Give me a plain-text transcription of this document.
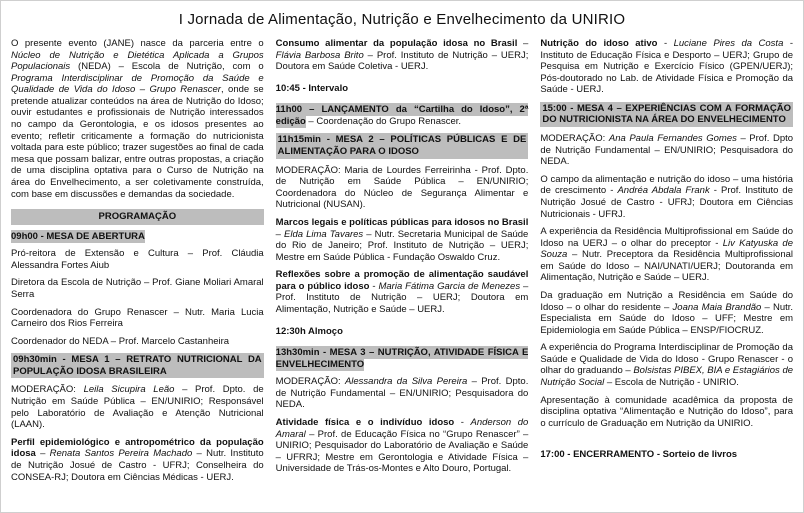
I Jornada de Alimentação, Nutrição e Envelhecimento da UNIRIO
O presente evento (JANE) nasce da parceria entre o Núcleo de Nutrição e Dietética Aplicada a Grupos Populacionais (NEDA) – Escola de Nutrição, com o Programa Interdisciplinar de Promoção da Saúde e Qualidade de Vida do Idoso – Grupo Renascer, onde se pretende atualizar conteúdos na área de Nutrição do Idoso; ouvir estudantes e profissionais de Nutrição interessados no campo da Gerontologia, e os idosos presentes ao evento; refletir criticamente a formação do nutricionista voltada para este público; trazer sugestões ao final de cada mesa que possam balizar, entre outras propostas, a criação de uma disciplina optativa para o Curso de Nutrição na área do Envelhecimento, a ser coletivamente construída, com base em discussões e demandas da sociedade.
PROGRAMAÇÃO
09h00 - MESA DE ABERTURA
Pró-reitora de Extensão e Cultura – Prof. Cláudia Alessandra Fortes Aiub
Diretora da Escola de Nutrição – Prof. Giane Moliari Amaral Serra
Coordenadora do Grupo Renascer – Nutr. Maria Lucia Carneiro dos Rios Ferreira
Coordenador do NEDA – Prof. Marcelo Castanheira
09h30min - MESA 1 – RETRATO NUTRICIONAL DA POPULAÇÃO IDOSA BRASILEIRA
MODERAÇÃO: Leila Sicupira Leão – Prof. Dpto. de Nutrição em Saúde Pública – EN/UNIRIO; Responsável pelo Laboratório de Avaliação e Atenção Nutricional (LAAN).
Perfil epidemiológico e antropométrico da população idosa – Renata Santos Pereira Machado – Nutr. Instituto de Nutrição Josué de Castro - UFRJ; Conselheira do CONSEA-RJ; Doutora em Ciências Médicas - UERJ.
Consumo alimentar da população idosa no Brasil – Flávia Barbosa Brito – Prof. Instituto de Nutrição – UERJ; Doutora em Saúde Coletiva - UERJ.
10:45 - Intervalo
11h00 – LANÇAMENTO da “Cartilha do Idoso”, 2ª edição – Coordenação do Grupo Renascer.
11h15min - MESA 2 – POLÍTICAS PÚBLICAS E DE ALIMENTAÇÃO PARA O IDOSO
MODERAÇÃO: Maria de Lourdes Ferreirinha - Prof. Dpto. de Nutrição em Saúde Pública – EN/UNIRIO; Coordenadora do Núcleo de Segurança Alimentar e Nutricional (NUSAN).
Marcos legais e políticas públicas para idosos no Brasil – Elda Lima Tavares – Nutr. Secretaria Municipal de Saúde do Rio de Janeiro; Prof. Instituto de Nutrição – UERJ; Mestre em Saúde Pública - Fundação Oswaldo Cruz.
Reflexões sobre a promoção de alimentação saudável para o público idoso - Maria Fátima Garcia de Menezes – Prof. Instituto de Nutrição – UERJ; Doutora em Alimentação, Nutrição e Saúde – UERJ.
12:30h Almoço
13h30min - MESA 3 – NUTRIÇÃO, ATIVIDADE FÍSICA E ENVELHECIMENTO
MODERAÇÃO: Alessandra da Silva Pereira – Prof. Dpto. de Nutrição Fundamental – EN/UNIRIO; Pesquisadora do NEDA.
Atividade física e o indivíduo idoso - Anderson do Amaral – Prof. de Educação Física no “Grupo Renascer” – UNIRIO; Pesquisador do Laboratório de Avaliação e Saúde – UFRRJ; Mestre em Gerontologia e Atividade Física – Universidade de Trás-os-Montes e Alto Douro, Portugal.
Nutrição do idoso ativo - Luciane Pires da Costa - Instituto de Educação Física e Desporto – UERJ; Grupo de Pesquisa em Nutrição e Exercício Físico (GPEN/UERJ); Pós-doutorado no Lab. de Atividade Física e Promoção da Saúde - UERJ.
15:00 - MESA 4 – EXPERIÊNCIAS COM A FORMAÇÃO DO NUTRICIONISTA NA ÁREA DO ENVELHECIMENTO
MODERAÇÃO: Ana Paula Fernandes Gomes – Prof. Dpto de Nutrição Fundamental – EN/UNIRIO; Pesquisadora do NEDA.
O campo da alimentação e nutrição do idoso – uma história de crescimento - Andréa Abdala Frank - Prof. Instituto de Nutrição Josué de Castro - UFRJ; Doutora em Ciências Nutricionais - UFRJ.
A experiência da Residência Multiprofissional em Saúde do Idoso na UERJ – o olhar do preceptor - Liv Katyuska de Souza – Nutr. Preceptora da Residência Multiprofissional em Saúde do Idoso – NAI/UNATI/UERJ; Doutoranda em Alimentação, Nutrição e Saúde – UERJ.
Da graduação em Nutrição a Residência em Saúde do Idoso – o olhar do residente – Joana Maia Brandão – Nutr. Especialista em Saúde do Idoso – UFF; Mestre em Epidemiologia em Saúde Pública – ENSP/FIOCRUZ.
A experiência do Programa Interdisciplinar de Promoção da Saúde e Qualidade de Vida do Idoso - Grupo Renascer - o olhar do graduando – Bolsistas PIBEX, BIA e Estagiários de Nutrição Social – Escola de Nutrição - UNIRIO.
Apresentação à comunidade acadêmica da proposta de disciplina optativa “Alimentação e Nutrição do Idoso”, para o currículo de Graduação em Nutrição da UNIRIO.
17:00 - ENCERRAMENTO - Sorteio de livros
